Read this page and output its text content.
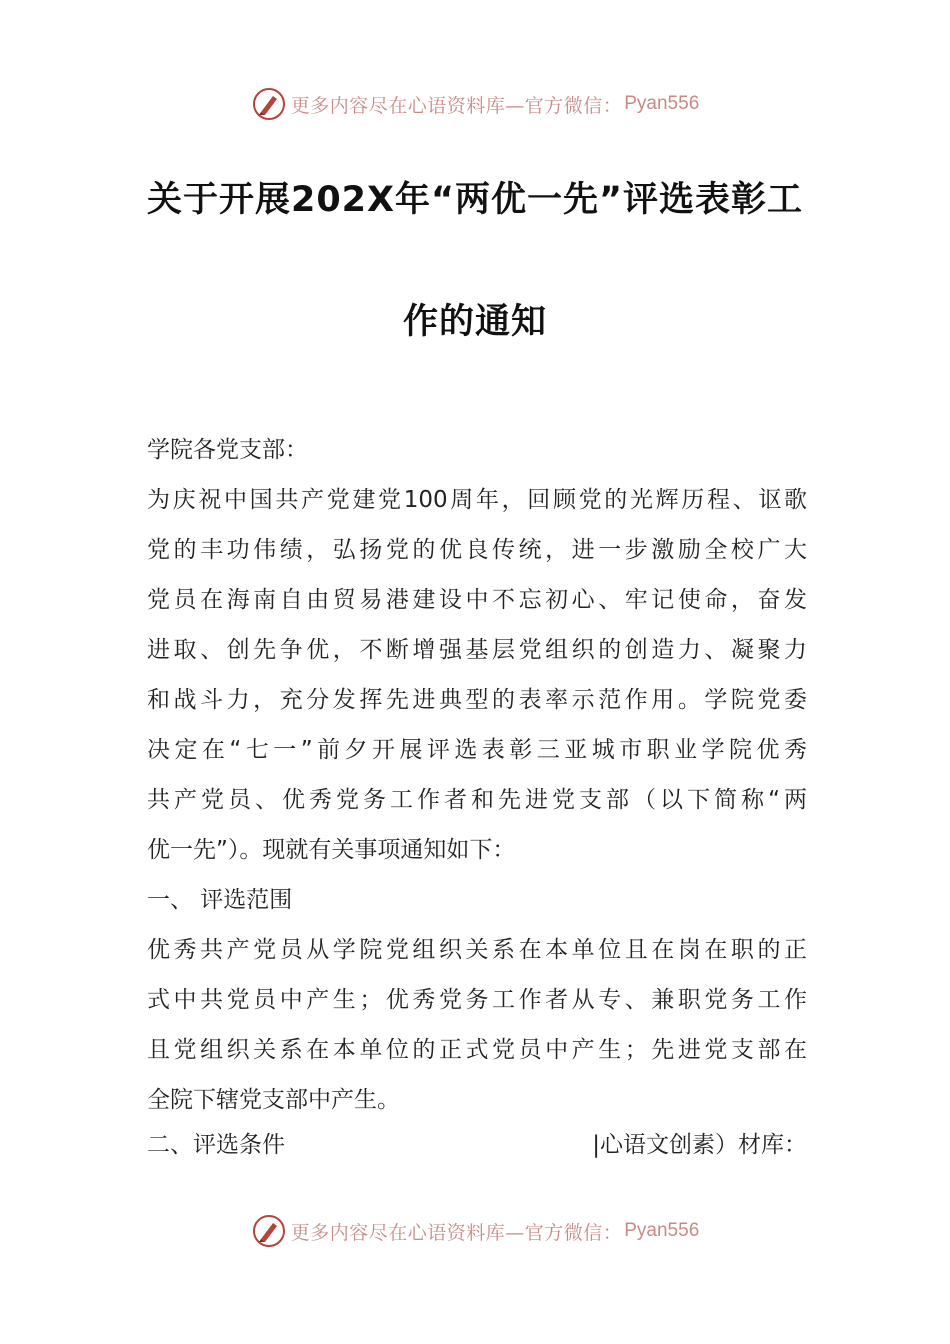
更多内容尽在心语资料库—官方微信： Pyan556
关于开展202X年“两优一先”评选表彰工
作的通知
学院各党支部：
为庆祝中国共产党建党100周年，回顾党的光辉历程、讴歌
党的丰功伟绩，弘扬党的优良传统，进一步激励全校广大
党员在海南自由贸易港建设中不忘初心、牢记使命，奋发
进取、创先争优，不断增强基层党组织的创造力、凝聚力
和战斗力，充分发挥先进典型的表率示范作用。学院党委
决定在“七一”前夕开展评选表彰三亚城市职业学院优秀
共产党员、优秀党务工作者和先进党支部（以下简称“两
优一先”）。现就有关事项通知如下：
一、 评选范围
优秀共产党员从学院党组织关系在本单位且在岗在职的正
式中共党员中产生；优秀党务工作者从专、兼职党务工作
且党组织关系在本单位的正式党员中产生；先进党支部在
全院下辖党支部中产生。
二、评选条件	|心语文创素）材库：
更多内容尽在心语资料库—官方微信： Pyan556
